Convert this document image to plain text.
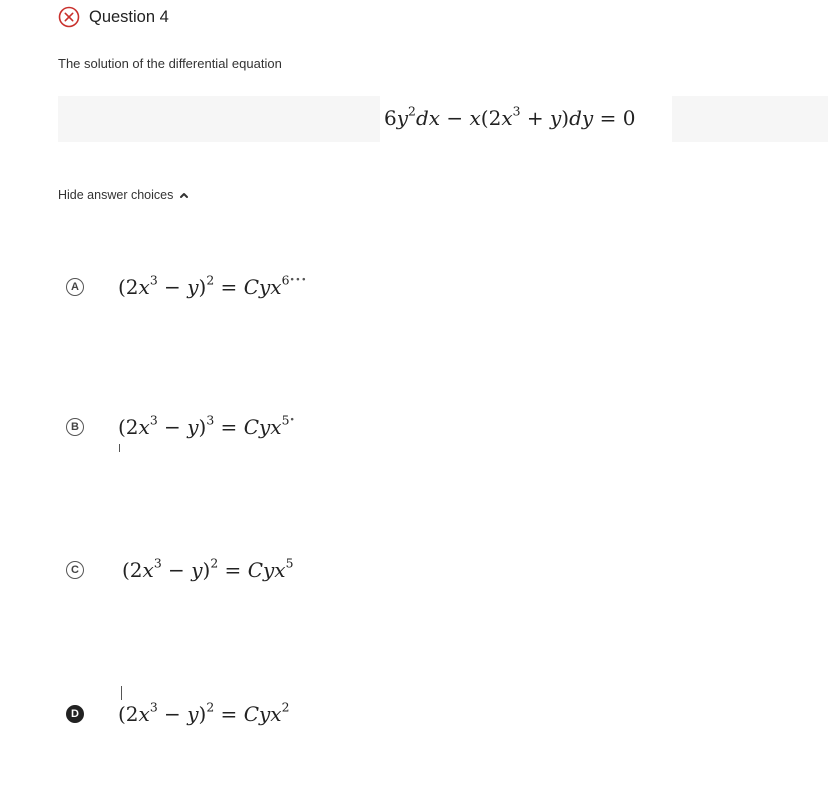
Question 4
The solution of the differential equation
$6y^2dx - x(2x^3 + y)dy = 0$
Hide answer choices
A $(2x^3 - y)^2 = Cyx^{6•••}$
B $(2x^3 - y)^3 = Cyx^{5•}$
C $(2x^3 - y)^2 = Cyx^5$
D $(2x^3 - y)^2 = Cyx^2$
